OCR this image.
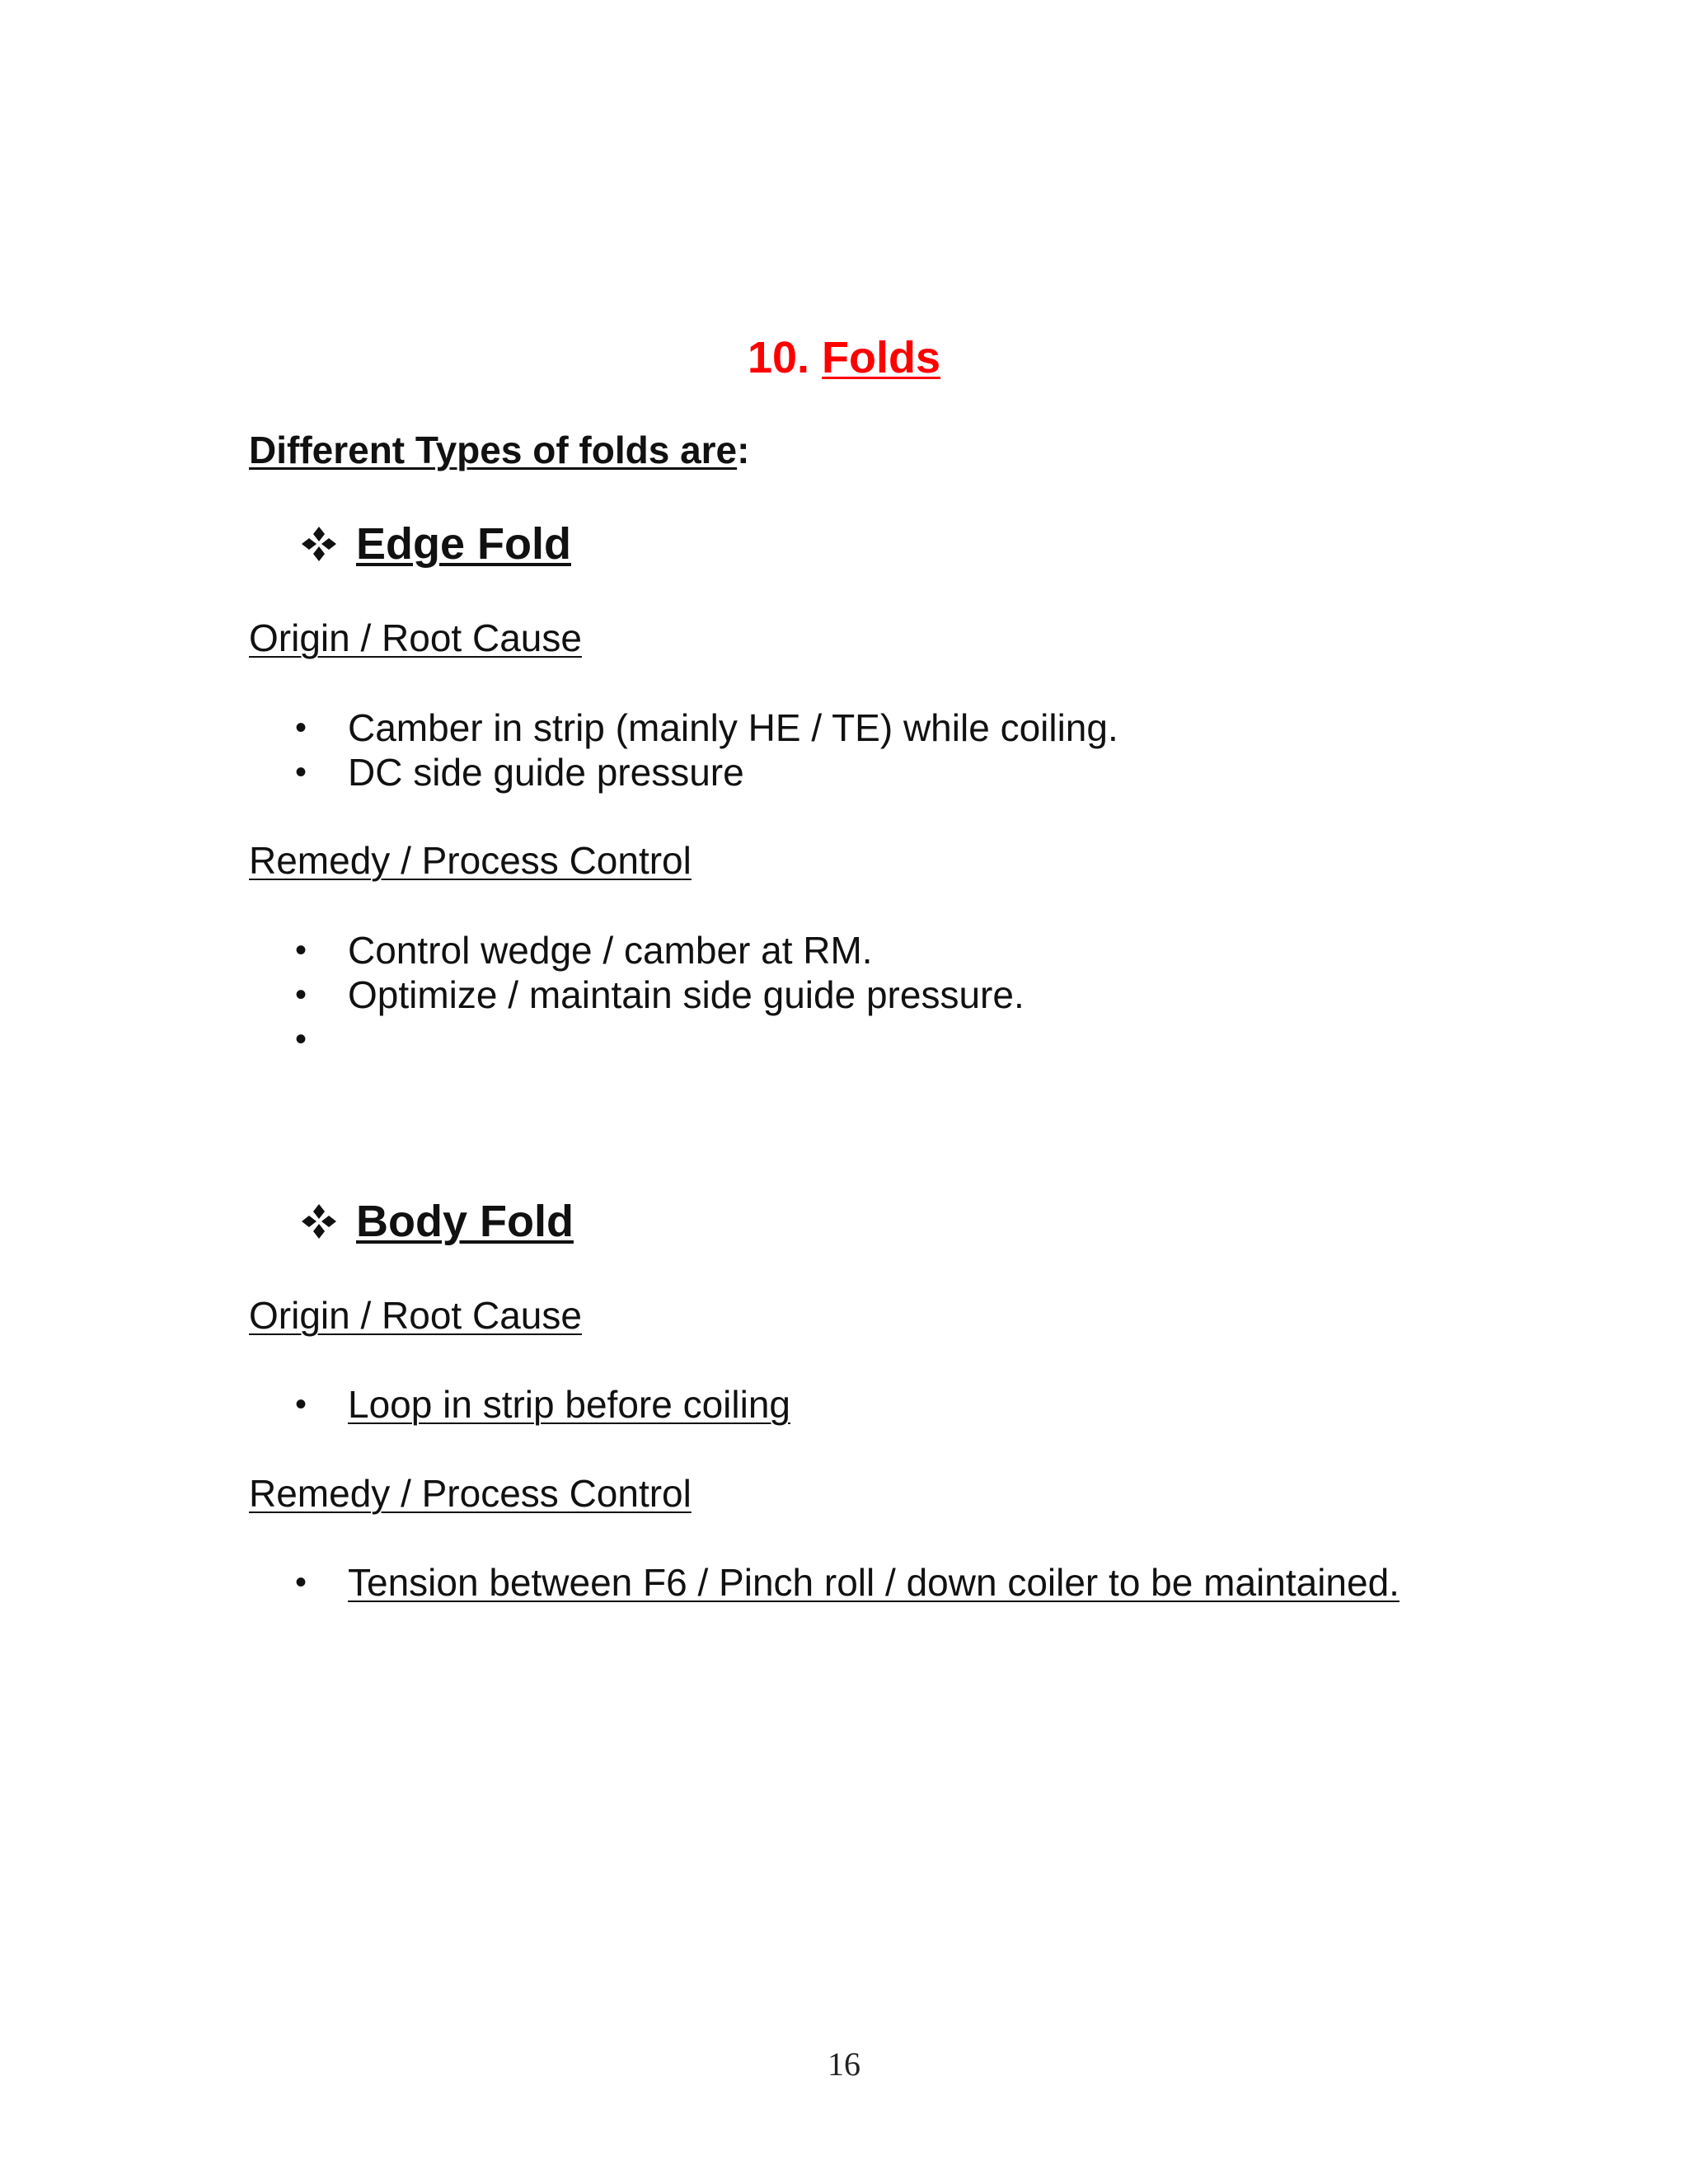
10. Folds
Different Types of folds are:
Edge Fold
Origin / Root Cause
• Camber in strip (mainly HE / TE) while coiling.
• DC side guide pressure
Remedy / Process Control
• Control wedge / camber at RM.
• Optimize / maintain side guide pressure.
•
Body Fold
Origin / Root Cause
• Loop in strip before coiling
Remedy / Process Control
• Tension between F6 / Pinch roll / down coiler to be maintained.
16
